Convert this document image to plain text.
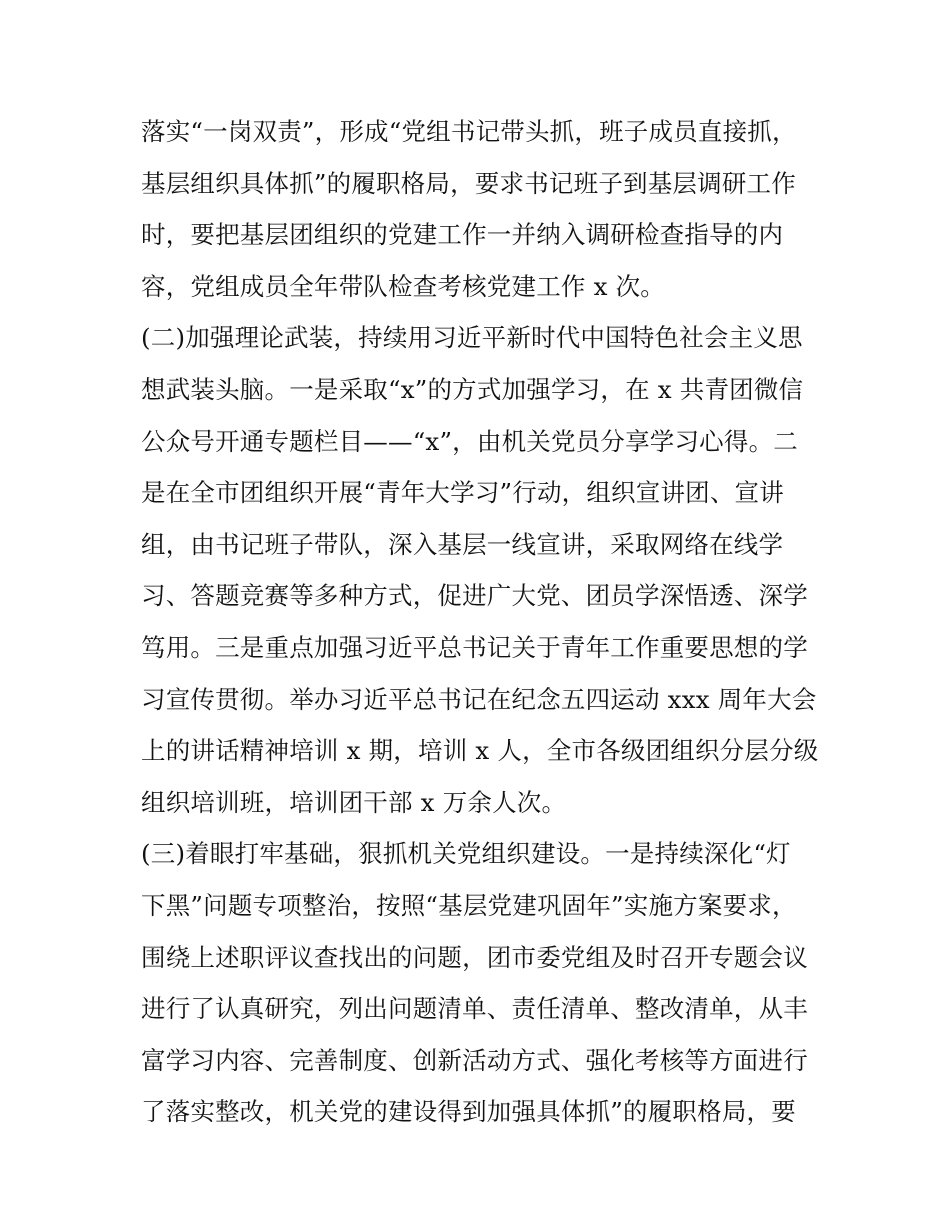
落实“一岗双责”，形成“党组书记带头抓，班子成员直接抓，
基层组织具体抓”的履职格局，要求书记班子到基层调研工作
时，要把基层团组织的党建工作一并纳入调研检查指导的内
容，党组成员全年带队检查考核党建工作 x 次。
(二)加强理论武装，持续用习近平新时代中国特色社会主义思
想武装头脑。一是采取“x”的方式加强学习，在 x 共青团微信
公众号开通专题栏目——“x”，由机关党员分享学习心得。二
是在全市团组织开展“青年大学习”行动，组织宣讲团、宣讲
组，由书记班子带队，深入基层一线宣讲，采取网络在线学
习、答题竞赛等多种方式，促进广大党、团员学深悟透、深学
笃用。三是重点加强习近平总书记关于青年工作重要思想的学
习宣传贯彻。举办习近平总书记在纪念五四运动 xxx 周年大会
上的讲话精神培训 x 期，培训 x 人，全市各级团组织分层分级
组织培训班，培训团干部 x 万余人次。
(三)着眼打牢基础，狠抓机关党组织建设。一是持续深化“灯
下黑”问题专项整治，按照“基层党建巩固年”实施方案要求，
围绕上述职评议查找出的问题，团市委党组及时召开专题会议
进行了认真研究，列出问题清单、责任清单、整改清单，从丰
富学习内容、完善制度、创新活动方式、强化考核等方面进行
了落实整改，机关党的建设得到加强具体抓”的履职格局，要
